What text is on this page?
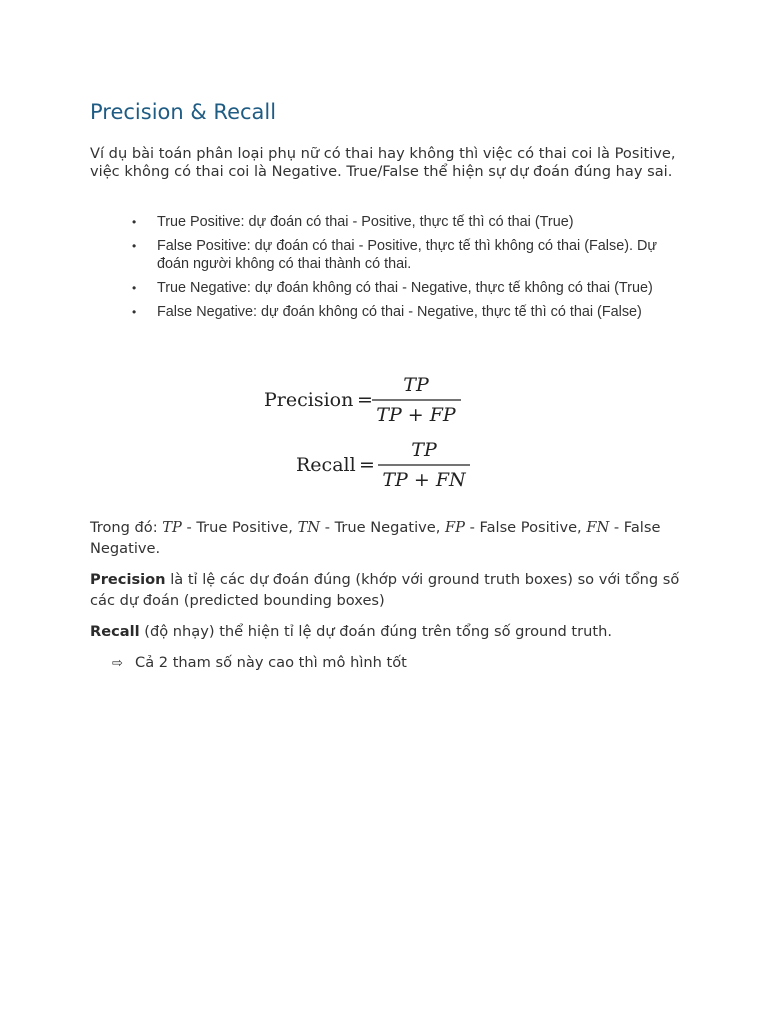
Precision & Recall

Ví dụ bài toán phân loại phụ nữ có thai hay không thì việc có thai coi là Positive, việc không có thai coi là Negative. True/False thể hiện sự dự đoán đúng hay sai.

• True Positive: dự đoán có thai - Positive, thực tế thì có thai (True)
• False Positive: dự đoán có thai - Positive, thực tế thì không có thai (False). Dự đoán người không có thai thành có thai.
• True Negative: dự đoán không có thai - Negative, thực tế không có thai (True)
• False Negative: dự đoán không có thai - Negative, thực tế thì có thai (False)
Precision =
TP
TP + FP
Recall =
TP
TP + FN

Trong đó: TP - True Positive, TN - True Negative, FP - False Positive, FN - False Negative.

Precision là tỉ lệ các dự đoán đúng (khớp với ground truth boxes) so với tổng số các dự đoán (predicted bounding boxes)

Recall (độ nhạy) thể hiện tỉ lệ dự đoán đúng trên tổng số ground truth.

⇨ Cả 2 tham số này cao thì mô hình tốt
